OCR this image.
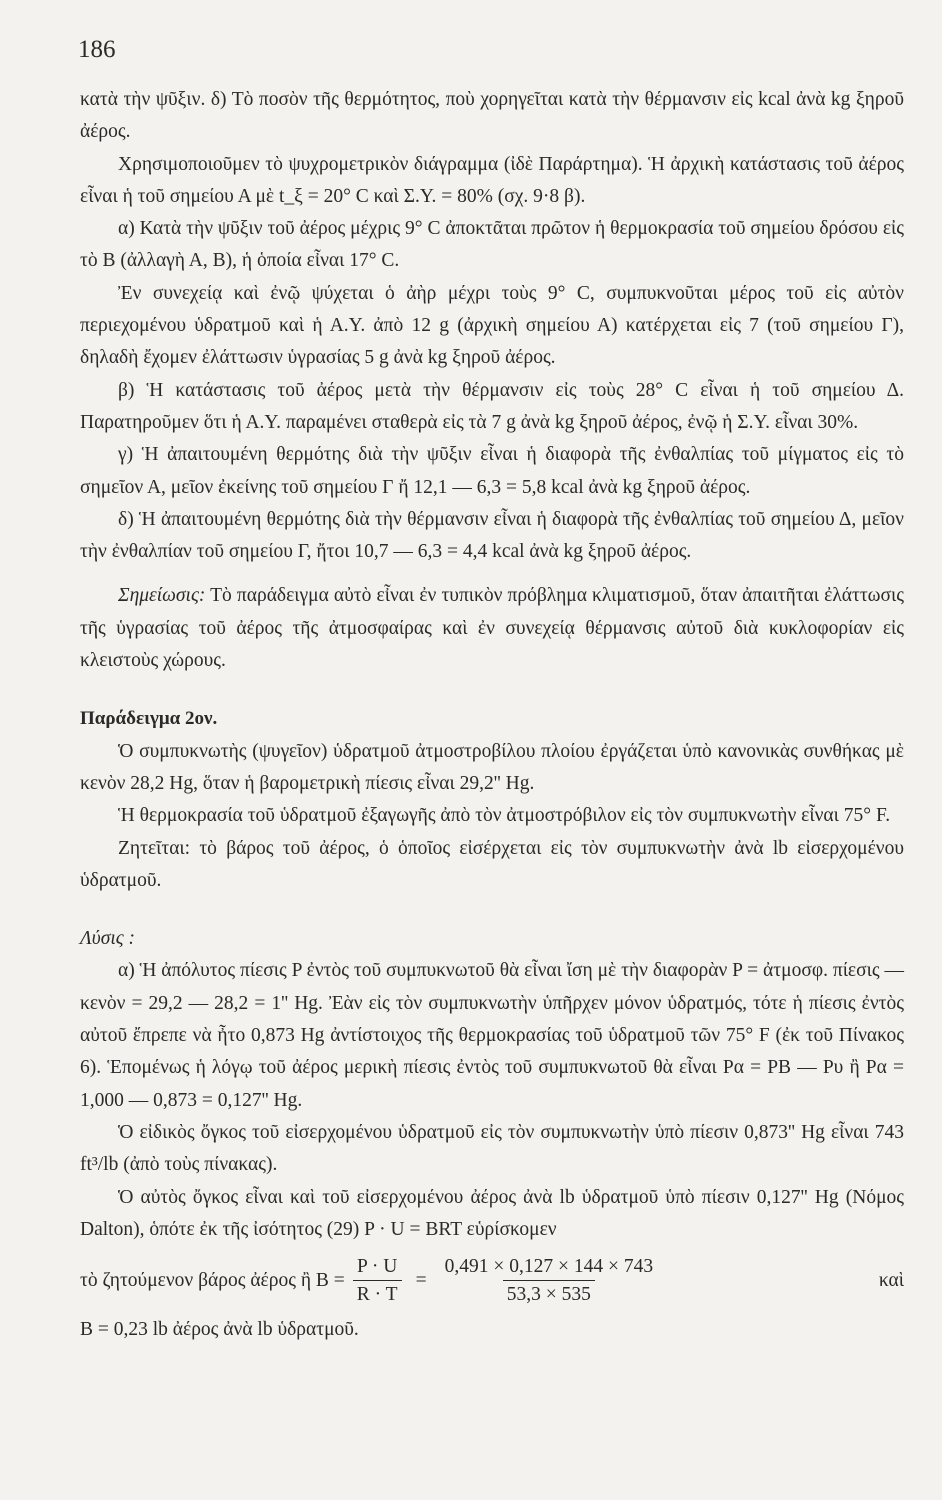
186

κατὰ τὴν ψῦξιν. δ) Τὸ ποσὸν τῆς θερμότητος, ποὺ χορηγεῖται κατὰ τὴν θέρμανσιν εἰς kcal ἀνὰ kg ξηροῦ ἀέρος.

Χρησιμοποιοῦμεν τὸ ψυχρομετρικὸν διάγραμμα (ἰδὲ Παράρτημα). Ἡ ἀρχικὴ κατάστασις τοῦ ἀέρος εἶναι ἡ τοῦ σημείου Α μὲ t_ξ = 20° C καὶ Σ.Υ. = 80% (σχ. 9·8 β).

α) Κατὰ τὴν ψῦξιν τοῦ ἀέρος μέχρις 9° C ἀποκτᾶται πρῶτον ἡ θερμοκρασία τοῦ σημείου δρόσου εἰς τὸ Β (ἀλλαγὴ Α, Β), ἡ ὁποία εἶναι 17° C.

Ἐν συνεχείᾳ καὶ ἐνῷ ψύχεται ὁ ἀὴρ μέχρι τοὺς 9° C, συμπυκνοῦται μέρος τοῦ εἰς αὐτὸν περιεχομένου ὑδρατμοῦ καὶ ἡ Α.Υ. ἀπὸ 12 g (ἀρχικὴ σημείου Α) κατέρχεται εἰς 7 (τοῦ σημείου Γ), δηλαδὴ ἔχομεν ἐλάττωσιν ὑγρασίας 5 g ἀνὰ kg ξηροῦ ἀέρος.

β) Ἡ κατάστασις τοῦ ἀέρος μετὰ τὴν θέρμανσιν εἰς τοὺς 28° C εἶναι ἡ τοῦ σημείου Δ. Παρατηροῦμεν ὅτι ἡ Α.Υ. παραμένει σταθερὰ εἰς τὰ 7 g ἀνὰ kg ξηροῦ ἀέρος, ἐνῷ ἡ Σ.Υ. εἶναι 30%.

γ) Ἡ ἀπαιτουμένη θερμότης διὰ τὴν ψῦξιν εἶναι ἡ διαφορὰ τῆς ἐνθαλπίας τοῦ μίγματος εἰς τὸ σημεῖον Α, μεῖον ἐκείνης τοῦ σημείου Γ ἤ 12,1 — 6,3 = 5,8 kcal ἀνὰ kg ξηροῦ ἀέρος.

δ) Ἡ ἀπαιτουμένη θερμότης διὰ τὴν θέρμανσιν εἶναι ἡ διαφορὰ τῆς ἐνθαλπίας τοῦ σημείου Δ, μεῖον τὴν ἐνθαλπίαν τοῦ σημείου Γ, ἤτοι 10,7 — 6,3 = 4,4 kcal ἀνὰ kg ξηροῦ ἀέρος.

Σημείωσις: Τὸ παράδειγμα αὐτὸ εἶναι ἐν τυπικὸν πρόβλημα κλιματισμοῦ, ὅταν ἀπαιτῆται ἐλάττωσις τῆς ὑγρασίας τοῦ ἀέρος τῆς ἀτμοσφαίρας καὶ ἐν συνεχείᾳ θέρμανσις αὐτοῦ διὰ κυκλοφορίαν εἰς κλειστοὺς χώρους.

Παράδειγμα 2ον.

Ὁ συμπυκνωτὴς (ψυγεῖον) ὑδρατμοῦ ἀτμοστροβίλου πλοίου ἐργάζεται ὑπὸ κανονικὰς συνθήκας μὲ κενὸν 28,2 Hg, ὅταν ἡ βαρομετρικὴ πίεσις εἶναι 29,2'' Hg.

Ἡ θερμοκρασία τοῦ ὑδρατμοῦ ἐξαγωγῆς ἀπὸ τὸν ἀτμοστρόβιλον εἰς τὸν συμπυκνωτὴν εἶναι 75° F.

Ζητεῖται: τὸ βάρος τοῦ ἀέρος, ὁ ὁποῖος εἰσέρχεται εἰς τὸν συμπυκνωτὴν ἀνὰ lb εἰσερχομένου ὑδρατμοῦ.

Λύσις :

α) Ἡ ἀπόλυτος πίεσις P ἐντὸς τοῦ συμπυκνωτοῦ θὰ εἶναι ἴση μὲ τὴν διαφορὰν P = ἀτμοσφ. πίεσις — κενὸν = 29,2 — 28,2 = 1'' Hg. Ἐὰν εἰς τὸν συμπυκνωτὴν ὑπῆρχεν μόνον ὑδρατμός, τότε ἡ πίεσις ἐντὸς αὐτοῦ ἔπρεπε νὰ ἦτο 0,873 Hg ἀντίστοιχος τῆς θερμοκρασίας τοῦ ὑδρατμοῦ τῶν 75° F (ἐκ τοῦ Πίνακος 6). Ἑπομένως ἡ λόγῳ τοῦ ἀέρος μερικὴ πίεσις ἐντὸς τοῦ συμπυκνωτοῦ θὰ εἶναι Pα = PB — Pυ ἢ Pα = 1,000 — 0,873 = 0,127'' Hg.

Ὁ εἰδικὸς ὄγκος τοῦ εἰσερχομένου ὑδρατμοῦ εἰς τὸν συμπυκνωτὴν ὑπὸ πίεσιν 0,873'' Hg εἶναι 743 ft³/lb (ἀπὸ τοὺς πίνακας).

Ὁ αὐτὸς ὄγκος εἶναι καὶ τοῦ εἰσερχομένου ἀέρος ἀνὰ lb ὑδρατμοῦ ὑπὸ πίεσιν 0,127'' Hg (Νόμος Dalton), ὁπότε ἐκ τῆς ἰσότητος (29) P · U = BRT εὑρίσκομεν

τὸ ζητούμενον βάρος ἀέρος ἢ $B = \frac{P \cdot U}{R \cdot T} = \frac{0,491 \times 0,127 \times 144 \times 743}{53,3 \times 535}$	καὶ

B = 0,23 lb ἀέρος ἀνὰ lb ὑδρατμοῦ.
